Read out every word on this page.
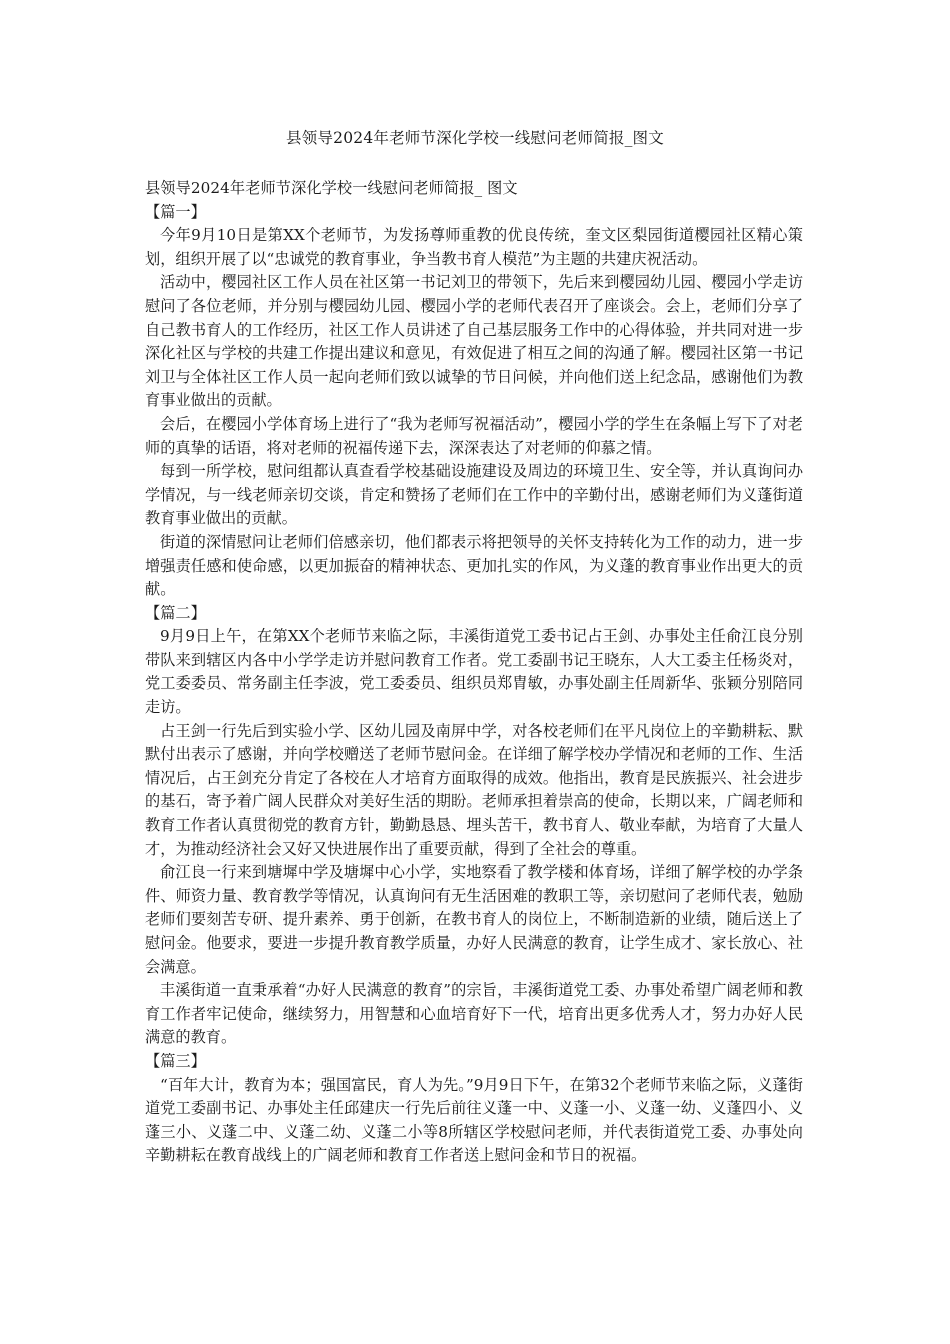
县领导2024年老师节深化学校一线慰问老师简报_图文

县领导2024年老师节深化学校一线慰问老师简报_ 图文

【篇一】

今年9月10日是第XX个老师节，为发扬尊师重教的优良传统，奎文区梨园街道樱园社区精心策划，组织开展了以“忠诚党的教育事业，争当教书育人模范”为主题的共建庆祝活动。

活动中，樱园社区工作人员在社区第一书记刘卫的带领下，先后来到樱园幼儿园、樱园小学走访慰问了各位老师，并分别与樱园幼儿园、樱园小学的老师代表召开了座谈会。会上，老师们分享了自己教书育人的工作经历，社区工作人员讲述了自己基层服务工作中的心得体验，并共同对进一步深化社区与学校的共建工作提出建议和意见，有效促进了相互之间的沟通了解。樱园社区第一书记刘卫与全体社区工作人员一起向老师们致以诚挚的节日问候，并向他们送上纪念品，感谢他们为教育事业做出的贡献。

会后，在樱园小学体育场上进行了“我为老师写祝福活动”，樱园小学的学生在条幅上写下了对老师的真挚的话语，将对老师的祝福传递下去，深深表达了对老师的仰慕之情。

每到一所学校，慰问组都认真查看学校基础设施建设及周边的环境卫生、安全等，并认真询问办学情况，与一线老师亲切交谈，肯定和赞扬了老师们在工作中的辛勤付出，感谢老师们为义蓬街道教育事业做出的贡献。

街道的深情慰问让老师们倍感亲切，他们都表示将把领导的关怀支持转化为工作的动力，进一步增强责任感和使命感，以更加振奋的精神状态、更加扎实的作风，为义蓬的教育事业作出更大的贡献。

【篇二】

9月9日上午，在第XX个老师节来临之际，丰溪街道党工委书记占王剑、办事处主任俞江良分别带队来到辖区内各中小学学走访并慰问教育工作者。党工委副书记王晓东，人大工委主任杨炎对，党工委委员、常务副主任李波，党工委委员、组织员郑胄敏，办事处副主任周新华、张颖分别陪同走访。

占王剑一行先后到实验小学、区幼儿园及南屏中学，对各校老师们在平凡岗位上的辛勤耕耘、默默付出表示了感谢，并向学校赠送了老师节慰问金。在详细了解学校办学情况和老师的工作、生活情况后，占王剑充分肯定了各校在人才培育方面取得的成效。他指出，教育是民族振兴、社会进步的基石，寄予着广阔人民群众对美好生活的期盼。老师承担着崇高的使命，长期以来，广阔老师和教育工作者认真贯彻党的教育方针，勤勤恳恳、埋头苦干，教书育人、敬业奉献，为培育了大量人才，为推动经济社会又好又快进展作出了重要贡献，得到了全社会的尊重。

俞江良一行来到塘墀中学及塘墀中心小学，实地察看了教学楼和体育场，详细了解学校的办学条件、师资力量、教育教学等情况，认真询问有无生活困难的教职工等，亲切慰问了老师代表，勉励老师们要刻苦专研、提升素养、勇于创新，在教书育人的岗位上，不断制造新的业绩，随后送上了慰问金。他要求，要进一步提升教育教学质量，办好人民满意的教育，让学生成才、家长放心、社会满意。

丰溪街道一直秉承着“办好人民满意的教育”的宗旨，丰溪街道党工委、办事处希望广阔老师和教育工作者牢记使命，继续努力，用智慧和心血培育好下一代，培育出更多优秀人才，努力办好人民满意的教育。

【篇三】

“百年大计，教育为本；强国富民，育人为先。”9月9日下午，在第32个老师节来临之际，义蓬街道党工委副书记、办事处主任邱建庆一行先后前往义蓬一中、义蓬一小、义蓬一幼、义蓬四小、义蓬三小、义蓬二中、义蓬二幼、义蓬二小等8所辖区学校慰问老师，并代表街道党工委、办事处向辛勤耕耘在教育战线上的广阔老师和教育工作者送上慰问金和节日的祝福。
